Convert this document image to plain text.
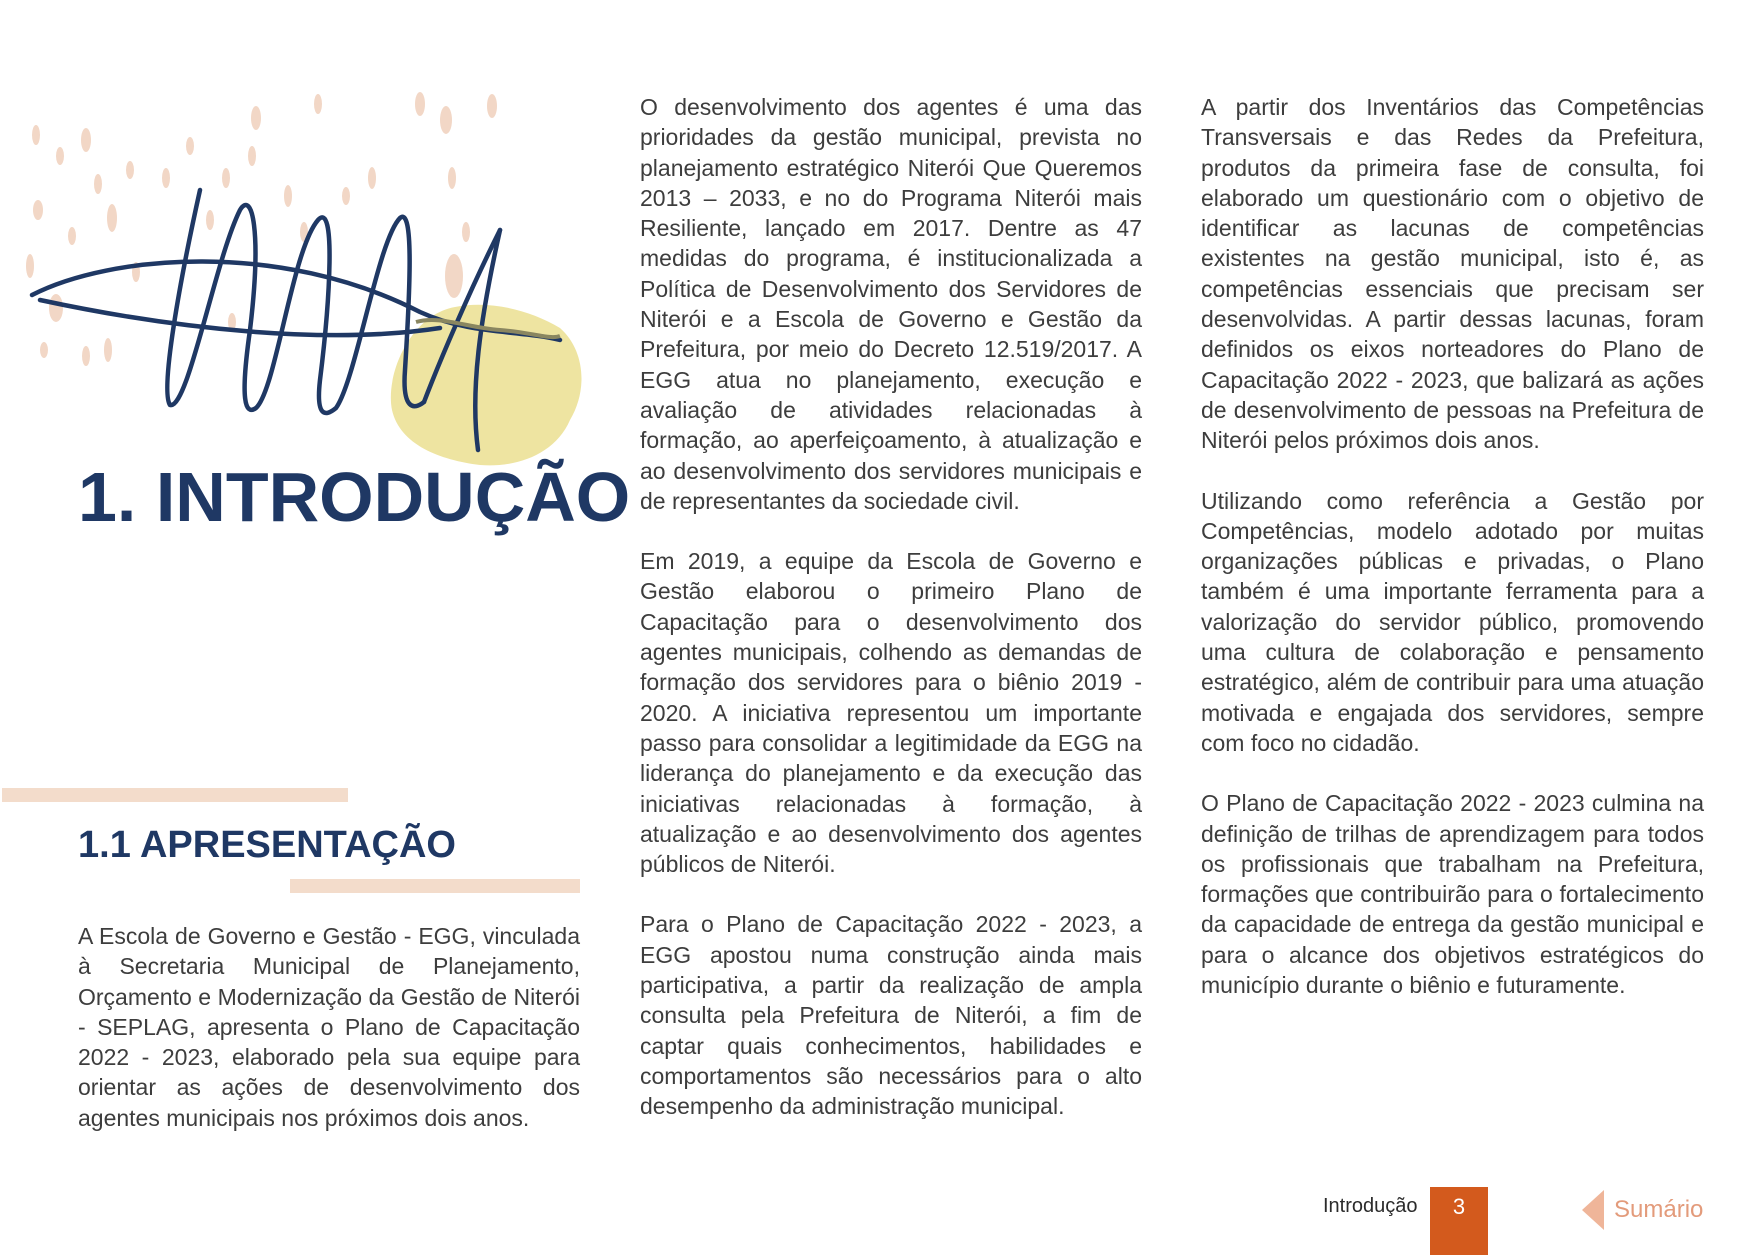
1. INTRODUÇÃO
1.1 APRESENTAÇÃO

A Escola de Governo e Gestão - EGG, vinculada à Secretaria Municipal de Planejamento, Orçamento e Modernização da Gestão de Niterói - SEPLAG, apresenta o Plano de Capacitação 2022 - 2023, elaborado pela sua equipe para orientar as ações de desenvolvimento dos agentes municipais nos próximos dois anos.

O desenvolvimento dos agentes é uma das prioridades da gestão municipal, prevista no planejamento estratégico Niterói Que Queremos 2013 – 2033, e no do Programa Niterói mais Resiliente, lançado em 2017. Dentre as 47 medidas do programa, é institucionalizada a Política de Desenvolvimento dos Servidores de Niterói e a Escola de Governo e Gestão da Prefeitura, por meio do Decreto 12.519/2017. A EGG atua no planejamento, execução e avaliação de atividades relacionadas à formação, ao aperfeiçoamento, à atualização e ao desenvolvimento dos servidores municipais e de representantes da sociedade civil.

Em 2019, a equipe da Escola de Governo e Gestão elaborou o primeiro Plano de Capacitação para o desenvolvimento dos agentes municipais, colhendo as demandas de formação dos servidores para o biênio 2019 - 2020. A iniciativa representou um importante passo para consolidar a legitimidade da EGG na liderança do planejamento e da execução das iniciativas relacionadas à formação, à atualização e ao desenvolvimento dos agentes públicos de Niterói.

Para o Plano de Capacitação 2022 - 2023, a EGG apostou numa construção ainda mais participativa, a partir da realização de ampla consulta pela Prefeitura de Niterói, a fim de captar quais conhecimentos, habilidades e comportamentos são necessários para o alto desempenho da administração municipal.

A partir dos Inventários das Competências Transversais e das Redes da Prefeitura, produtos da primeira fase de consulta, foi elaborado um questionário com o objetivo de identificar as lacunas de competências existentes na gestão municipal, isto é, as competências essenciais que precisam ser desenvolvidas. A partir dessas lacunas, foram definidos os eixos norteadores do Plano de Capacitação 2022 - 2023, que balizará as ações de desenvolvimento de pessoas na Prefeitura de Niterói pelos próximos dois anos.

Utilizando como referência a Gestão por Competências, modelo adotado por muitas organizações públicas e privadas, o Plano também é uma importante ferramenta para a valorização do servidor público, promovendo uma cultura de colaboração e pensamento estratégico, além de contribuir para uma atuação motivada e engajada dos servidores, sempre com foco no cidadão.

O Plano de Capacitação 2022 - 2023 culmina na definição de trilhas de aprendizagem para todos os profissionais que trabalham na Prefeitura, formações que contribuirão para o fortalecimento da capacidade de entrega da gestão municipal e para o alcance dos objetivos estratégicos do município durante o biênio e futuramente.

Introdução	3	Sumário
